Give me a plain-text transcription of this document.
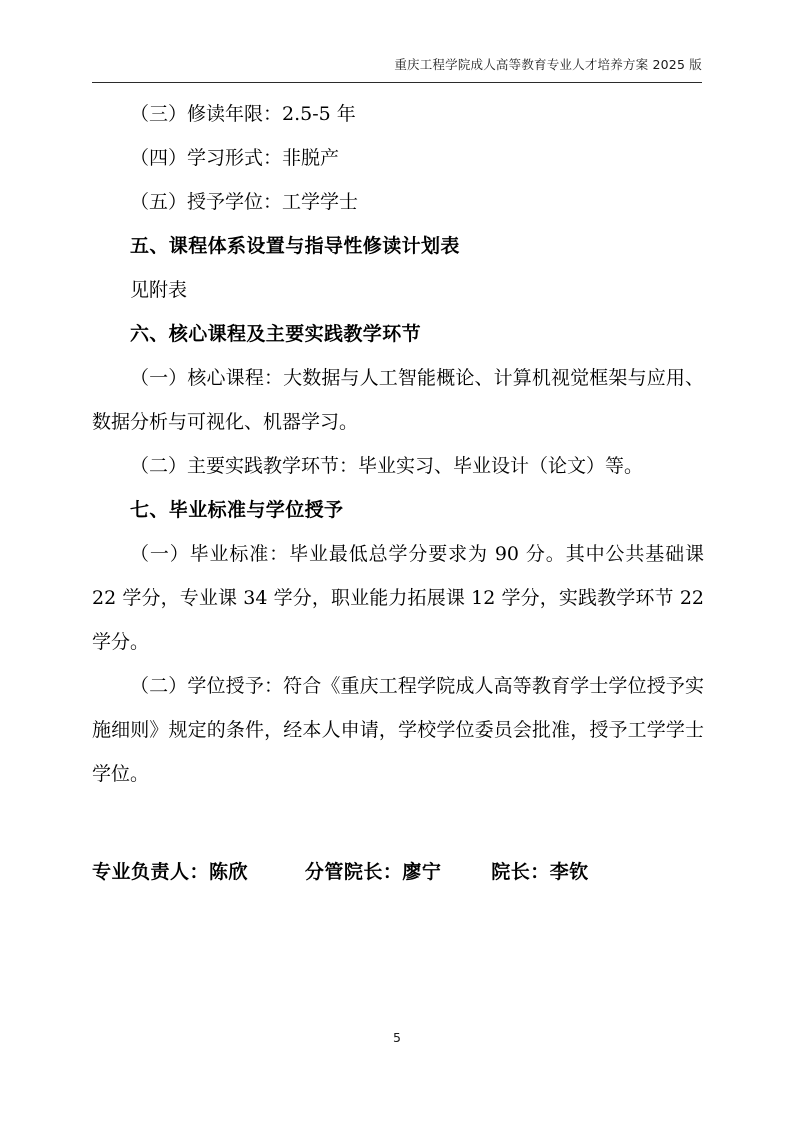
重庆工程学院成人高等教育专业人才培养方案 2025 版

（三）修读年限：2.5-5 年

（四）学习形式：非脱产

（五）授予学位：工学学士

五、课程体系设置与指导性修读计划表

见附表

六、核心课程及主要实践教学环节

（一）核心课程：大数据与人工智能概论、计算机视觉框架与应用、数据分析与可视化、机器学习。

（二）主要实践教学环节：毕业实习、毕业设计（论文）等。

七、毕业标准与学位授予

（一）毕业标准：毕业最低总学分要求为 90 分。其中公共基础课 22 学分，专业课 34 学分，职业能力拓展课 12 学分，实践教学环节 22 学分。

（二）学位授予：符合《重庆工程学院成人高等教育学士学位授予实施细则》规定的条件，经本人申请，学校学位委员会批准，授予工学学士学位。

专业负责人：陈欣        分管院长：廖宁       院长：李钦

5
